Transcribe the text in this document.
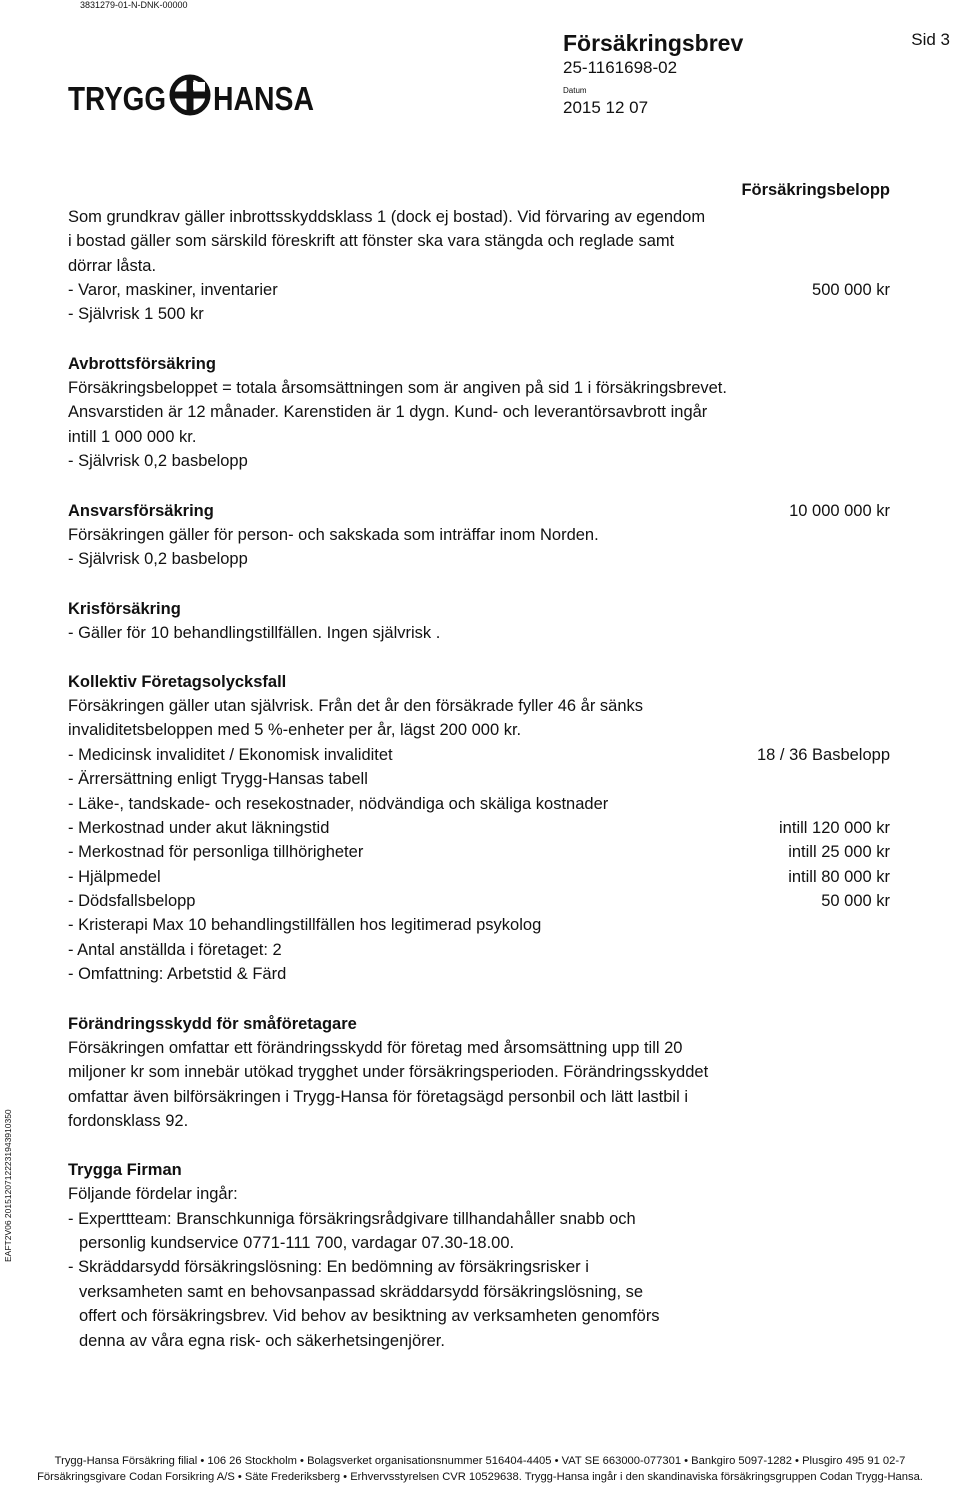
3831279-01-N-DNK-00000
TRYGG HANSA
Försäkringsbrev
25-1161698-02
Datum
2015 12 07
Sid 3
EAFT2V06 20151207122231943910350
Försäkringsbelopp
Som grundkrav gäller inbrottsskyddsklass 1 (dock ej bostad). Vid förvaring av egendom i bostad gäller som särskild föreskrift att fönster ska vara stängda och reglade samt dörrar låsta.
- Varor, maskiner, inventarier	500 000 kr
- Självrisk 1 500 kr
Avbrottsförsäkring
Försäkringsbeloppet = totala årsomsättningen som är angiven på sid 1 i försäkringsbrevet. Ansvarstiden är 12 månader. Karenstiden är 1 dygn. Kund- och leverantörsavbrott ingår intill 1 000 000 kr.
- Självrisk 0,2 basbelopp
Ansvarsförsäkring	10 000 000 kr
Försäkringen gäller för person- och sakskada som inträffar inom Norden.
- Självrisk 0,2 basbelopp
Krisförsäkring
- Gäller för 10 behandlingstillfällen. Ingen självrisk .
Kollektiv Företagsolycksfall
Försäkringen gäller utan självrisk. Från det år den försäkrade fyller 46 år sänks invaliditetsbeloppen med 5 %-enheter per år, lägst 200 000 kr.
- Medicinsk invaliditet / Ekonomisk invaliditet	18 / 36 Basbelopp
- Ärrersättning enligt Trygg-Hansas tabell
- Läke-, tandskade- och resekostnader, nödvändiga och skäliga kostnader
- Merkostnad under akut läkningstid	intill 120 000 kr
- Merkostnad för personliga tillhörigheter	intill 25 000 kr
- Hjälpmedel	intill 80 000 kr
- Dödsfallsbelopp	50 000 kr
- Kristerapi Max 10 behandlingstillfällen hos legitimerad psykolog
- Antal anställda i företaget: 2
- Omfattning: Arbetstid & Färd
Förändringsskydd för småföretagare
Försäkringen omfattar ett förändringsskydd för företag med årsomsättning upp till 20 miljoner kr som innebär utökad trygghet under försäkringsperioden. Förändringsskyddet omfattar även bilförsäkringen i Trygg-Hansa för företagsägd personbil och lätt lastbil i fordonsklass 92.
Trygga Firman
Följande fördelar ingår:
- Experttteam: Branschkunniga försäkringsrådgivare tillhandahåller snabb och
personlig kundservice 0771-111 700, vardagar 07.30-18.00.
- Skräddarsydd försäkringslösning: En bedömning av försäkringsrisker i
verksamheten samt en behovsanpassad skräddarsydd försäkringslösning, se
offert och försäkringsbrev. Vid behov av besiktning av verksamheten genomförs
denna av våra egna risk- och säkerhetsingenjörer.
Trygg-Hansa Försäkring filial • 106 26 Stockholm • Bolagsverket organisationsnummer 516404-4405 • VAT SE 663000-077301 • Bankgiro 5097-1282 • Plusgiro 495 91 02-7
Försäkringsgivare Codan Forsikring A/S • Säte Frederiksberg • Erhvervsstyrelsen CVR 10529638. Trygg-Hansa ingår i den skandinaviska försäkringsgruppen Codan Trygg-Hansa.
